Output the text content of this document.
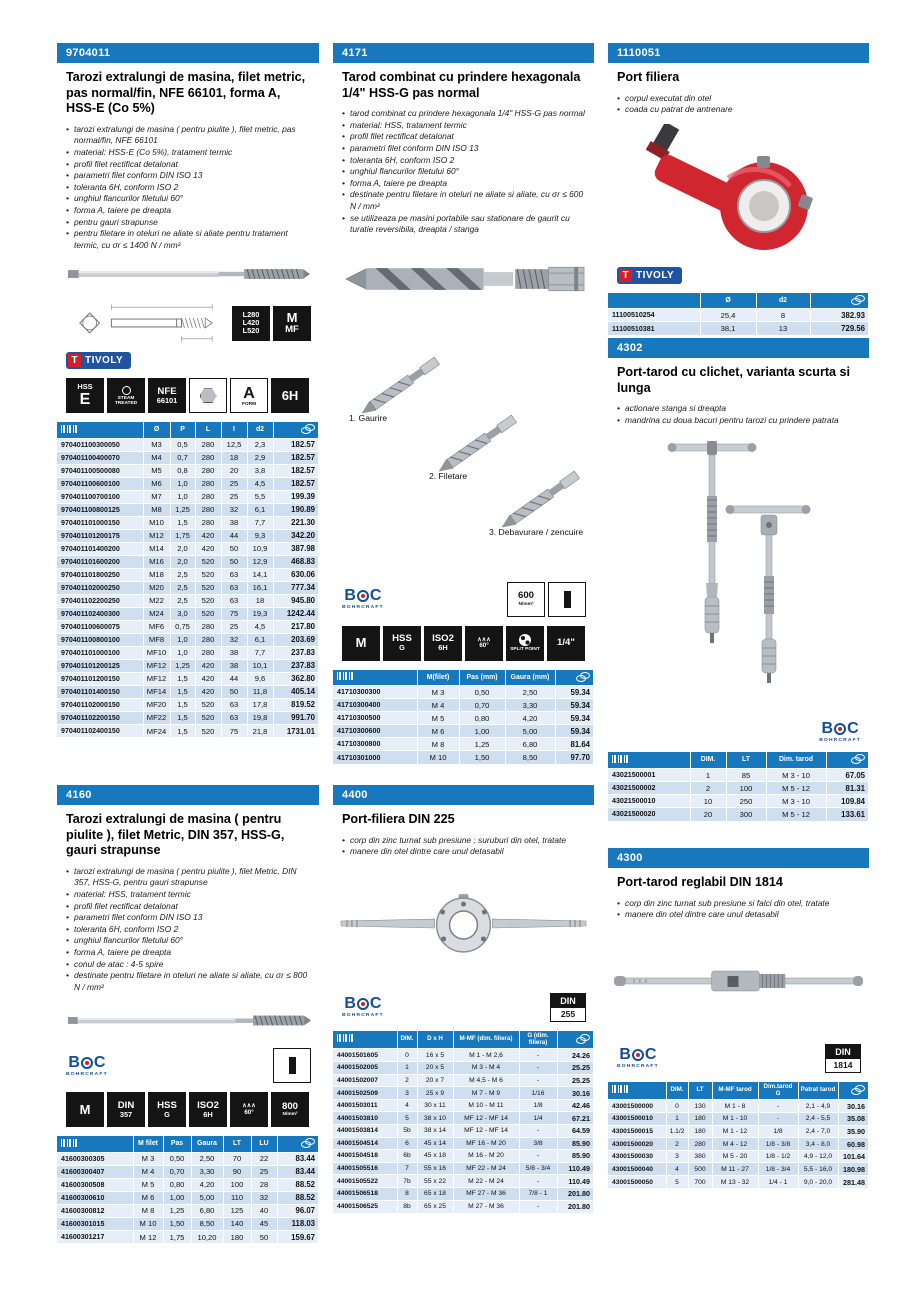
9704011
Tarozi extralungi de masina, filet metric, pas normal/fin, NFE 66101, forma A, HSS-E (Co 5%)
• tarozi extralungi de masina ( pentru piulite ), filet metric, pas normal/fin, NFE 66101
• material: HSS-E (Co 5%), tratament termic
• profil filet rectificat detalonat
• parametri filet conform DIN ISO 13
• toleranta 6H, conform ISO 2
• unghiul flancurilor filetului 60°
• forma A, taiere pe dreapta
• pentru gauri strapunse
• pentru filetare in oteluri ne aliate si aliate pentru tratament termic, cu σr ≤ 1400 N / mm²
L280
L420
L520
M
MF
T TIVOLY
HSS
E	STEAM
TREATED
NFE
66101	A
FORM
6H
	Ø	P	L	I	d2	
970401100300050	M3	0,5	280	12,5	2,3	182.57
970401100400070	M4	0,7	280	18	2,9	182.57
970401100500080	M5	0,8	280	20	3,8	182.57
970401100600100	M6	1,0	280	25	4,5	182.57
970401100700100	M7	1,0	280	25	5,5	199.39
970401100800125	M8	1,25	280	32	6,1	190.89
970401101000150	M10	1,5	280	38	7,7	221.30
970401101200175	M12	1,75	420	44	9,3	342.20
970401101400200	M14	2,0	420	50	10,9	387.98
970401101600200	M16	2,0	520	50	12,9	468.83
970401101800250	M18	2,5	520	63	14,1	630.06
970401102000250	M20	2,5	520	63	16,1	777.34
970401102200250	M22	2,5	520	63	18	945.80
970401102400300	M24	3,0	520	75	19,3	1242.44
970401100600075	MF6	0,75	280	25	4,5	217.80
970401100800100	MF8	1,0	280	32	6,1	203.69
970401101000100	MF10	1,0	280	38	7,7	237.83
970401101200125	MF12	1,25	420	38	10,1	237.83
970401101200150	MF12	1,5	420	44	9,6	362.80
970401101400150	MF14	1,5	420	50	11,8	405.14
970401102000150	MF20	1,5	520	63	17,8	819.52
970401102200150	MF22	1,5	520	63	19,8	991.70
970401102400150	MF24	1,5	520	75	21,8	1731.01
4160
Tarozi extralungi de masina ( pentru piulite ), filet Metric, DIN 357, HSS-G, gauri strapunse
• tarozi extralungi de masina ( pentru piulite ), filet Metric, DIN 357, HSS-G, pentru gauri strapunse
• material: HSS, tratament termic
• profil filet rectificat detalonat
• parametri filet conform DIN ISO 13
• toleranta 6H, conform ISO 2
• unghiul flancurilor filetului 60°
• forma A, taiere pe dreapta
• conul de atac : 4-5 spire
• destinate pentru filetare in oteluri ne aliate si aliate, cu σr ≤ 800 N / mm²
B C
BOHRCRAFT
M	DIN
357
HSS
G
ISO2
6H
∧∧∧
60°
800
N/mm²
	M filet	Pas	Gaura	LT	LU	
41600300305	M 3	0,50	2,50	70	22	83.44
41600300407	M 4	0,70	3,30	90	25	83.44
41600300508	M 5	0,80	4,20	100	28	88.52
41600300610	M 6	1,00	5,00	110	32	88.52
41600300812	M 8	1,25	6,80	125	40	96.07
41600301015	M 10	1,50	8,50	140	45	118.03
41600301217	M 12	1,75	10,20	180	50	159.67
4171
Tarod combinat cu prindere hexagonala 1/4" HSS-G pas normal
• tarod combinat cu prindere hexagonala 1/4" HSS-G pas normal
• material: HSS, tratament termic
• profil filet rectificat detalonat
• parametri filet conform DIN ISO 13
• toleranta 6H, conform ISO 2
• unghiul flancurilor filetului 60°
• forma A, taiere pe dreapta
• destinate pentru filetare in oteluri ne aliate si aliate, cu σr ≤ 600 N / mm²
• se utilizeaza pe masini portabile sau stationare de gaurit cu turatie reversibila, dreapta / stanga
1. Gaurire
2. Filetare
3. Debavurare / zencuire
B C
BOHRCRAFT
600
N/mm²
M	HSS
G
ISO2
6H
∧∧∧
60°
SPLIT POINT
1/4"
	M(filet)	Pas (mm)	Gaura (mm)	
41710300300	M 3	0,50	2,50	59.34
41710300400	M 4	0,70	3,30	59.34
41710300500	M 5	0,80	4,20	59.34
41710300600	M 6	1,00	5,00	59.34
41710300800	M 8	1,25	6,80	81.64
41710301000	M 10	1,50	8,50	97.70
4400
Port-filiera DIN 225
• corp din zinc turnat sub presiune ; suruburi din otel, tratate
• manere din otel dintre care unul detasabil
B C
BOHRCRAFT
DIN
255
	DIM.	D x H	M-MF (dim. filiera)	G (dim. filiera)	
44001501605	0	16 x 5	M 1 - M 2,6	-	24.26
44001502005	1	20 x 5	M 3 - M 4	-	25.25
44001502007	2	20 x 7	M 4,5 - M 6	-	25.25
44001502509	3	25 x 9	M 7 - M 9	1/16	30.16
44001503011	4	30 x 11	M 10 - M 11	1/8	42.46
44001503810	5	38 x 10	MF 12 - MF 14	1/4	67.21
44001503814	5b	38 x 14	MF 12 - MF 14	-	64.59
44001504514	6	45 x 14	MF 16 - M 20	3/8	85.90
44001504518	6b	45 x 18	M 16 - M 20	-	85.90
44001505516	7	55 x 16	MF 22 - M 24	5/8 - 3/4	110.49
44001505522	7b	55 x 22	M 22 - M 24	-	110.49
44001506518	8	65 x 18	MF 27 - M 36	7/8 - 1	201.80
44001506525	8b	65 x 25	M 27 - M 36	-	201.80
1110051
Port filiera
• corpul executat din otel
• coada cu patrat de antrenare
T TIVOLY
	Ø	d2	
11100510254	25,4	8	382.93
11100510381	38,1	13	729.56
4302
Port-tarod cu clichet, varianta scurta si lunga
• actionare stanga si dreapta
• mandrina cu doua bacuri pentru tarozi cu prindere patrata
B C
BOHRCRAFT
	DIM.	LT	Dim. tarod	
43021500001	1	85	M 3 - 10	67.05
43021500002	2	100	M 5 - 12	81.31
43021500010	10	250	M 3 - 10	109.84
43021500020	20	300	M 5 - 12	133.61
4300
Port-tarod reglabil DIN 1814
• corp din zinc turnat sub presiune si falci din otel, tratate
• manere din otel dintre care unul detasabil
B C
BOHRCRAFT
DIN
1814
	DIM.	LT	M-MF tarod	Dim.tarod G	Patrat tarod	
43001500000	0	130	M 1 - 8	-	2,1 - 4,9	30.16
43001500010	1	180	M 1 - 10	-	2,4 - 5,5	35.08
43001500015	1.1/2	180	M 1 - 12	1/8	2,4 - 7,0	35.90
43001500020	2	280	M 4 - 12	1/8 - 3/8	3,4 - 8,0	60.98
43001500030	3	380	M 5 - 20	1/8 - 1/2	4,9 - 12,0	101.64
43001500040	4	500	M 11 - 27	1/8 - 3/4	5,5 - 16,0	180.98
43001500050	5	700	M 13 - 32	1/4 - 1	9,0 - 20,0	281.48
